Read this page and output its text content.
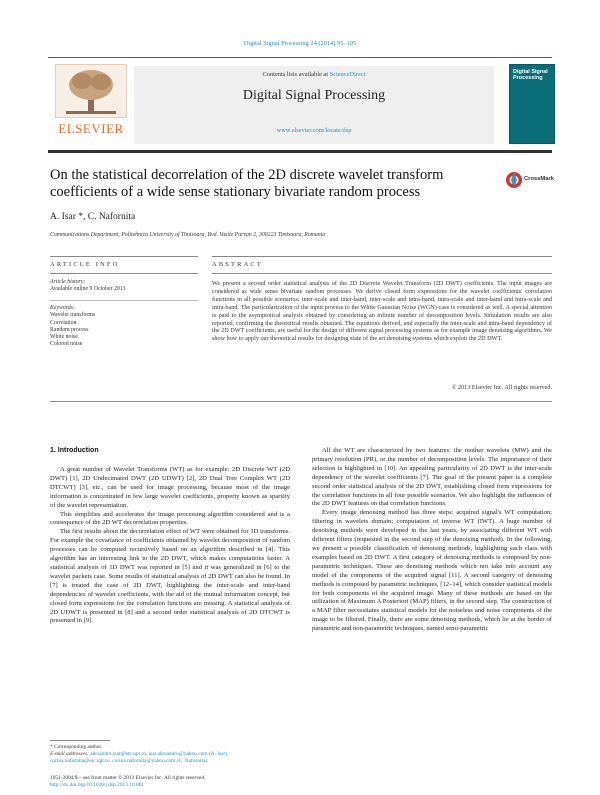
Digital Signal Processing 24 (2014) 95–105
ELSEVIER
Contents lists available at ScienceDirect
Digital Signal Processing
www.elsevier.com/locate/dsp
Digital Signal Processing
On the statistical decorrelation of the 2D discrete wavelet transform coefficients of a wide sense stationary bivariate random process
CrossMark
A. Isar *, C. Nafornita
Communications Department, Politehnica University of Timisoara, Bvd. Vasile Parvan 2, 300223 Timisoara, Romania
ARTICLE INFO	ABSTRACT
Article history:
Available online 9 October 2013
Keywords:
Wavelet transforms
Correlation
Random process
White noise
Colored noise
We present a second order statistical analysis of the 2D Discrete Wavelet Transform (2D DWT) coefficients. The input images are considered as wide sense bivariate random processes. We derive closed form expressions for the wavelet coefficients' correlation functions in all possible scenarios: inter-scale and inter-band, inter-scale and intra-band, intra-scale and inter-band and intra-scale and intra-band. The particularization of the input process to the White Gaussian Noise (WGN) case is considered as well. A special attention is paid to the asymptotical analysis obtained by considering an infinite number of decomposition levels. Simulation results are also reported, confirming the theoretical results obtained. The equations derived, and especially the inter-scale and intra-band dependency of the 2D DWT coefficients, are useful for the design of different signal processing systems as for example image denoising algorithms. We show how to apply our theoretical results for designing state of the art denoising systems which exploit the 2D DWT.
© 2013 Elsevier Inc. All rights reserved.
1. Introduction

A great number of Wavelet Transforms (WT) as for example: 2D Discrete WT (2D DWT) [1], 2D Undecimated DWT (2D UDWT) [2], 2D Dual Tree Complex WT (2D DTCWT) [3], etc., can be used for image processing, because most of the image information is concentrated in few large wavelet coefficients, property known as sparsity of the wavelet representation.

This simplifies and accelerates the image processing algorithm considered and is a consequence of the 2D WT decorrelation properties.

The first results about the decorrelation effect of WT were obtained for 1D transforms. For example the covariance of coefficients obtained by wavelet decomposition of random processes can be computed recursively based on an algorithm described in [4]. This algorithm has an interesting link to the 2D DWT, which makes computations faster. A statistical analysis of 1D DWT was reported in [5] and it was generalized in [6] to the wavelet packets case. Some results of statistical analysis of 2D DWT can also be found. In [7] is treated the case of 2D DWT, highlighting the inter-scale and inter-band dependencies of wavelet coefficients, with the aid of the mutual information concept, but closed form expressions for the correlation functions are missing. A statistical analysis of 2D UDWT is presented in [8] and a second order statistical analysis of 2D DTCWT is presented in [9].

All the WT are characterized by two features: the mother wavelets (MW) and the primary resolution (PR), or the number of decomposition levels. The importance of their selection is highlighted in [10]. An appealing particularity of 2D DWT is the inter-scale dependency of the wavelet coefficients [7]. The goal of the present paper is a complete second order statistical analysis of the 2D DWT, establishing closed form expressions for the correlation functions in all four possible scenarios. We also highlight the influences of the 2D DWT features on that correlation functions.

Every image denoising method has three steps: acquired signal's WT computation; filtering in wavelets domain; computation of inverse WT (IWT). A huge number of denoising methods were developed in the last years, by associating different WT with different filters (requested in the second step of the denoising method). In the following, we present a possible classification of denoising methods, highlighting each class with examples based on 2D DWT. A first category of denoising methods is composed by non-parametric techniques. These are denoising methods which not take into account any model of the components of the acquired signal [11]. A second category of denoising methods is composed by parametric techniques, [12–14], which consider statistical models for both components of the acquired image. Many of these methods are based on the utilization of Maximum A Posteriori (MAP) filters, in the second step. The construction of a MAP filter necessitates statistical models for the noiseless and noise components of the image to be filtered. Finally, there are some denoising methods, which lie at the border of parametric and non-parametric techniques, named semi-parametric

* Corresponding author.
E-mail addresses: alexandru.isar@etc.upt.ro, isar.alexandru@yahoo.com (A. Isar), corina.nafornita@etc.upt.ro, corina.nafornita@yahoo.com (C. Nafornita).
1051-2004/$ – see front matter © 2013 Elsevier Inc. All rights reserved.
http://dx.doi.org/10.1016/j.dsp.2013.10.001
